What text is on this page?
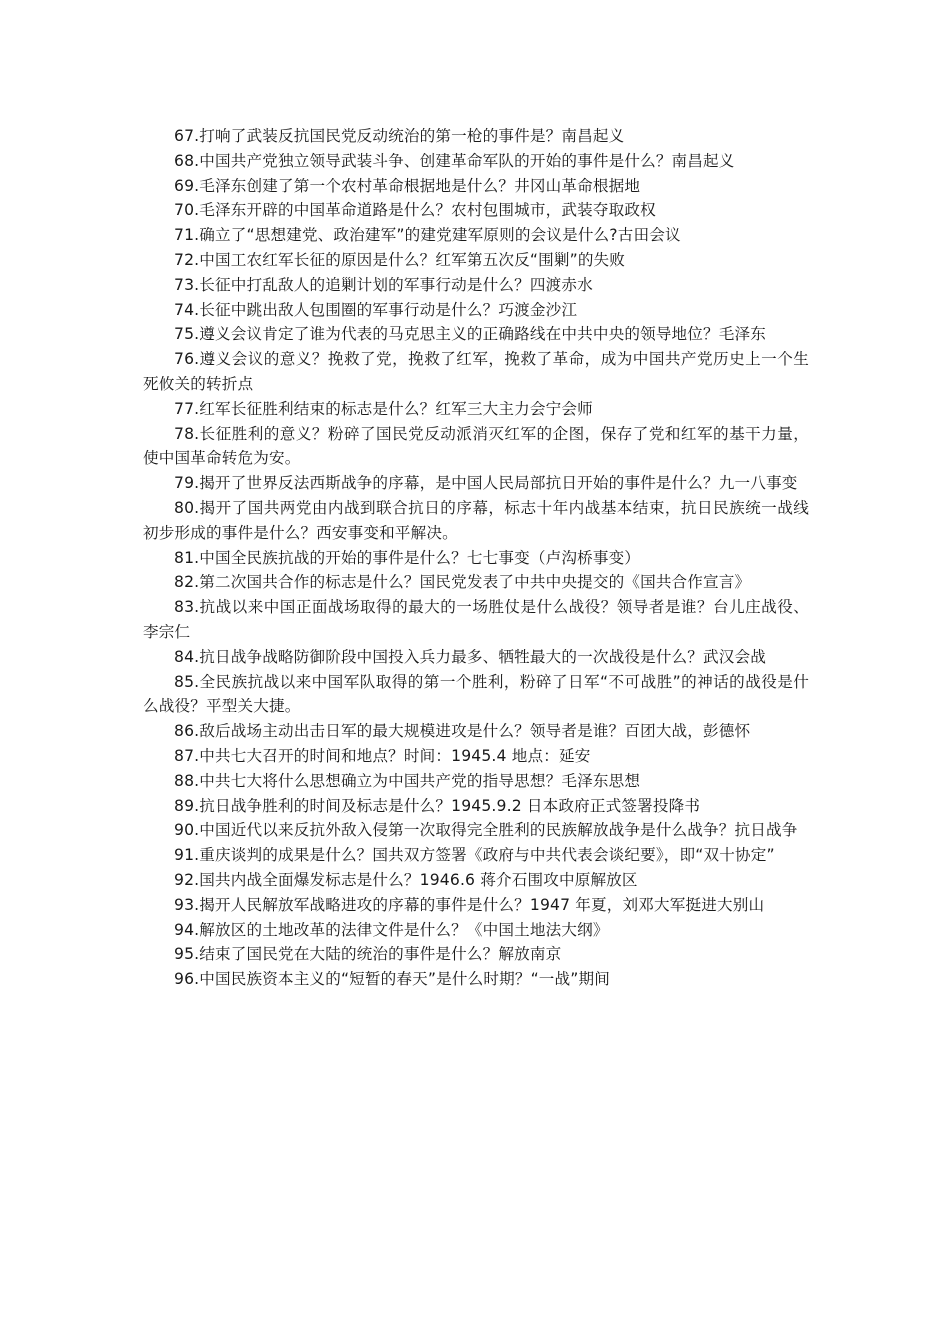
67.打响了武装反抗国民党反动统治的第一枪的事件是？南昌起义

68.中国共产党独立领导武装斗争、创建革命军队的开始的事件是什么？南昌起义

69.毛泽东创建了第一个农村革命根据地是什么？井冈山革命根据地

70.毛泽东开辟的中国革命道路是什么？农村包围城市，武装夺取政权

71.确立了“思想建党、政治建军”的建党建军原则的会议是什么?古田会议

72.中国工农红军长征的原因是什么？红军第五次反“围剿”的失败

73.长征中打乱敌人的追剿计划的军事行动是什么？四渡赤水

74.长征中跳出敌人包围圈的军事行动是什么？巧渡金沙江

75.遵义会议肯定了谁为代表的马克思主义的正确路线在中共中央的领导地位？毛泽东

76.遵义会议的意义？挽救了党，挽救了红军，挽救了革命，成为中国共产党历史上一个生死攸关的转折点

77.红军长征胜利结束的标志是什么？红军三大主力会宁会师

78.长征胜利的意义？粉碎了国民党反动派消灭红军的企图，保存了党和红军的基干力量，使中国革命转危为安。

79.揭开了世界反法西斯战争的序幕，是中国人民局部抗日开始的事件是什么？九一八事变

80.揭开了国共两党由内战到联合抗日的序幕，标志十年内战基本结束，抗日民族统一战线初步形成的事件是什么？西安事变和平解决。

81.中国全民族抗战的开始的事件是什么？七七事变（卢沟桥事变）

82.第二次国共合作的标志是什么？国民党发表了中共中央提交的《国共合作宣言》

83.抗战以来中国正面战场取得的最大的一场胜仗是什么战役？领导者是谁？台儿庄战役、李宗仁

84.抗日战争战略防御阶段中国投入兵力最多、牺牲最大的一次战役是什么？武汉会战

85.全民族抗战以来中国军队取得的第一个胜利，粉碎了日军“不可战胜”的神话的战役是什么战役？平型关大捷。

86.敌后战场主动出击日军的最大规模进攻是什么？领导者是谁？百团大战，彭德怀

87.中共七大召开的时间和地点？时间：1945.4 地点：延安

88.中共七大将什么思想确立为中国共产党的指导思想？毛泽东思想

89.抗日战争胜利的时间及标志是什么？1945.9.2 日本政府正式签署投降书

90.中国近代以来反抗外敌入侵第一次取得完全胜利的民族解放战争是什么战争？抗日战争

91.重庆谈判的成果是什么？国共双方签署《政府与中共代表会谈纪要》，即“双十协定”

92.国共内战全面爆发标志是什么？1946.6 蒋介石围攻中原解放区

93.揭开人民解放军战略进攻的序幕的事件是什么？1947 年夏，刘邓大军挺进大别山

94.解放区的土地改革的法律文件是什么？《中国土地法大纲》

95.结束了国民党在大陆的统治的事件是什么？解放南京

96.中国民族资本主义的“短暂的春天”是什么时期？“一战”期间
